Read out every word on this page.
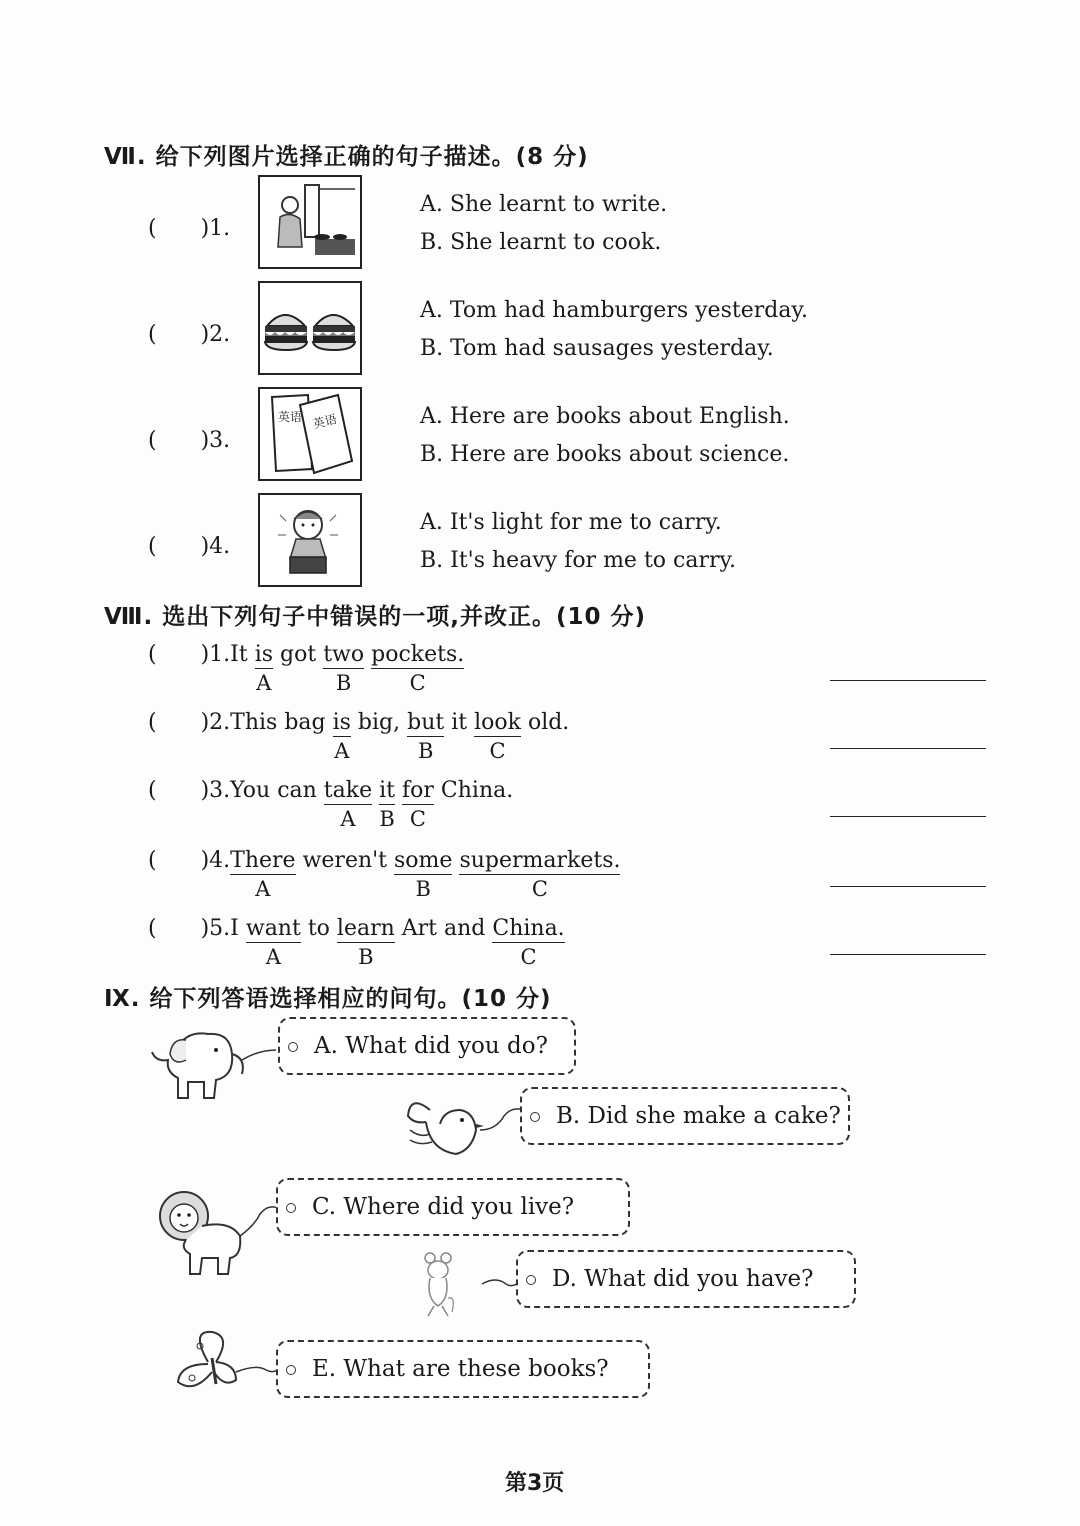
Ⅶ. 给下列图片选择正确的句子描述。(8 分)
(　　)1.
A. She learnt to write.
B. She learnt to cook.
(　　)2.
A. Tom had hamburgers yesterday.
B. Tom had sausages yesterday.
(　　)3.
英语 英语	A. Here are books about English.
B. Here are books about science.
(　　)4.
A. It's light for me to carry.
B. It's heavy for me to carry.
Ⅷ. 选出下列句子中错误的一项,并改正。(10 分)
(　　)1.It is
A
got two
B
pockets.
C
(　　)2.This bag is
A
big, but
B
it look
C
old.
(　　)3.You can take
A
it
B
for
C
China.
(　　)4.There
A
weren't some
B
supermarkets.
C
(　　)5.I want
A
to learn
B
Art and China.
C
Ⅸ. 给下列答语选择相应的问句。(10 分)
A. What did you do?
B. Did she make a cake?
C. Where did you live?
D. What did you have?
E. What are these books?
第3页
